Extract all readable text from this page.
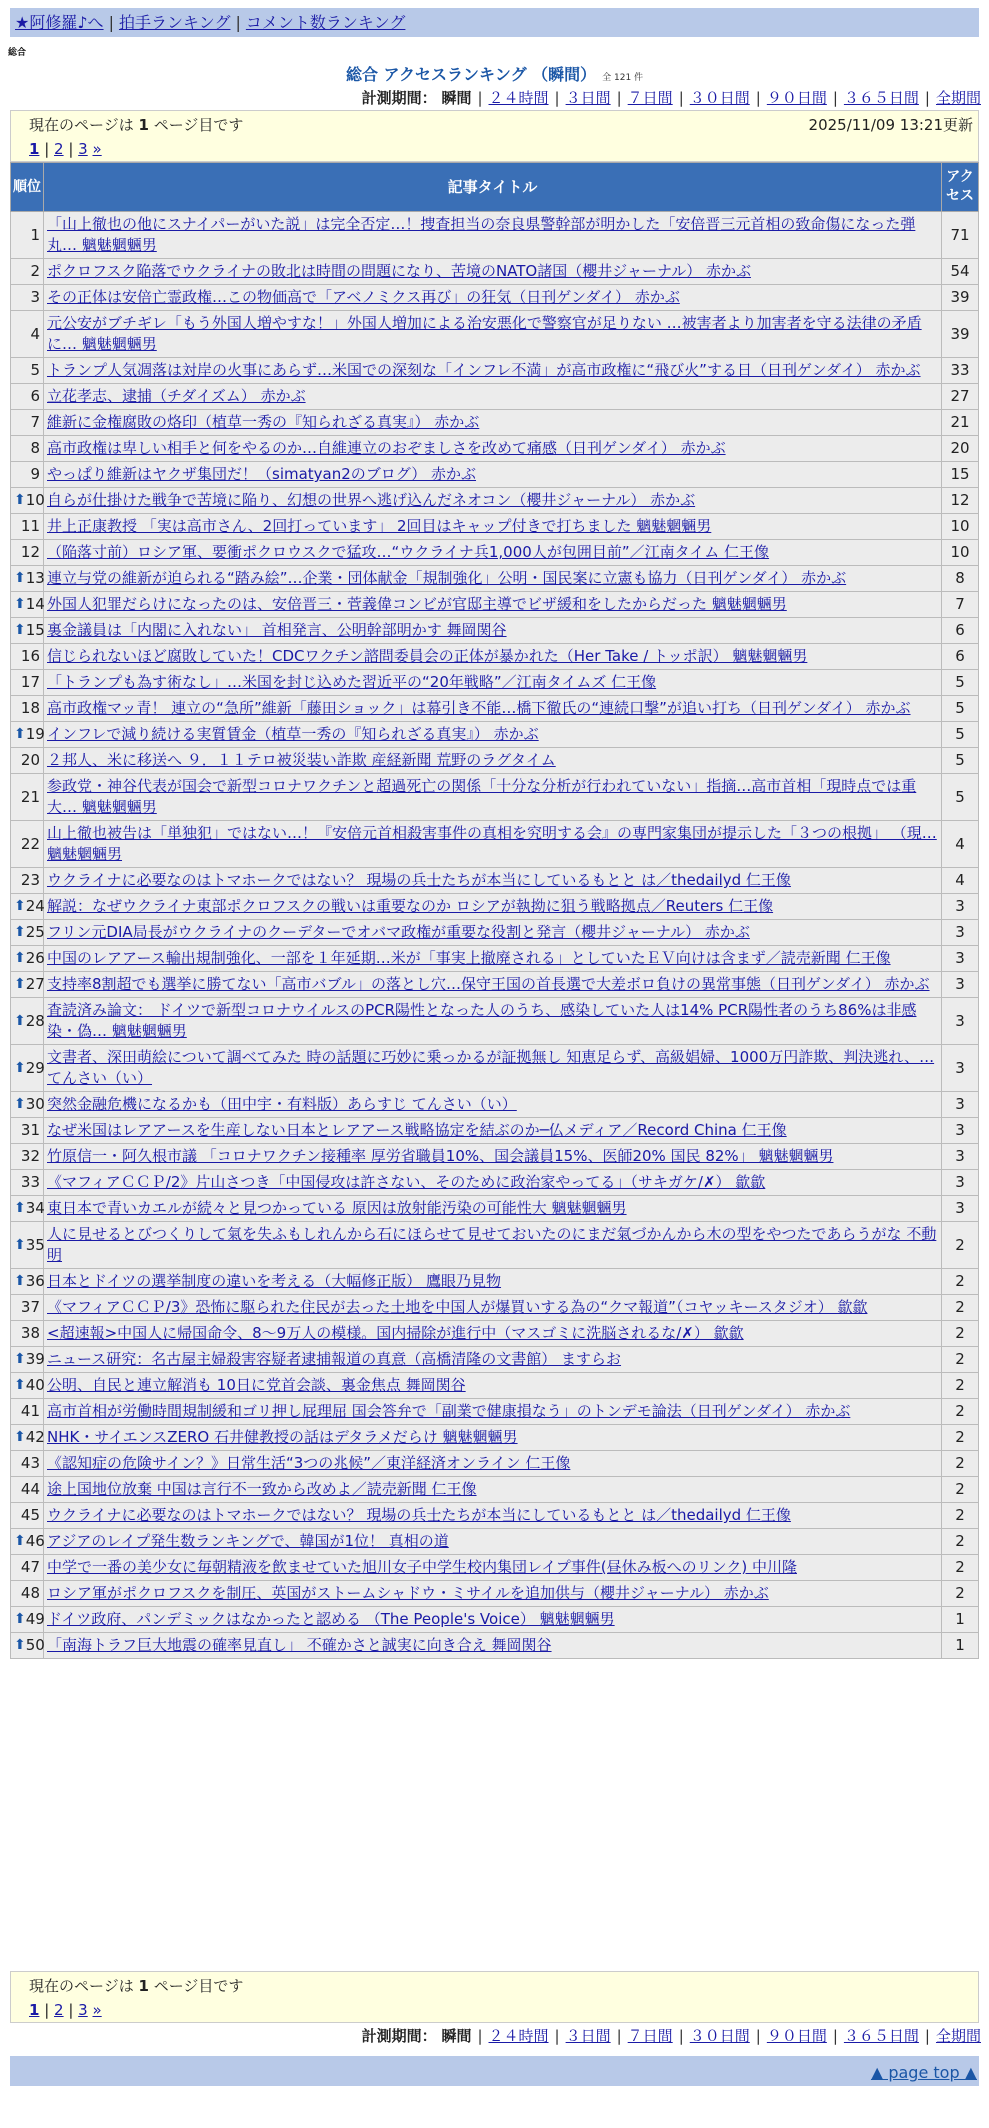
★阿修羅♪へ | 拍手ランキング | コメント数ランキング
総合
総合 アクセスランキング （瞬間） 全 121 件
計測期間： 瞬間 | ２４時間 | ３日間 | ７日間 | ３０日間 | ９０日間 | ３６５日間 | 全期間
現在のページは 1 ページ目です	2025/11/09 13:21更新
1 | 2 | 3 »
順位	記事タイトル	アクセス
1	「山上徹也の他にスナイパーがいた説」は完全否定…！捜査担当の奈良県警幹部が明かした「安倍晋三元首相の致命傷になった弾丸… 魑魅魍魎男	71
2	ポクロフスク陥落でウクライナの敗北は時間の問題になり、苦境のNATO諸国（櫻井ジャーナル） 赤かぶ	54
3	その正体は安倍亡霊政権…この物価高で「アベノミクス再び」の狂気（日刊ゲンダイ） 赤かぶ	39
4	元公安がブチギレ「もう外国人増やすな！」外国人増加による治安悪化で警察官が足りない …被害者より加害者を守る法律の矛盾に… 魑魅魍魎男	39
5	トランプ人気凋落は対岸の火事にあらず…米国での深刻な「インフレ不満」が高市政権に“飛び火”する日（日刊ゲンダイ） 赤かぶ	33
6	立花孝志、逮捕（チダイズム） 赤かぶ	27
7	維新に金権腐敗の烙印（植草一秀の『知られざる真実』） 赤かぶ	21
8	高市政権は卑しい相手と何をやるのか…自維連立のおぞましさを改めて痛感（日刊ゲンダイ） 赤かぶ	20
9	やっぱり維新はヤクザ集団だ！（simatyan2のブログ） 赤かぶ	15

⬆ 10	自らが仕掛けた戦争で苦境に陥り、幻想の世界へ逃げ込んだネオコン（櫻井ジャーナル） 赤かぶ	12
11	井上正康教授 「実は高市さん、2回打っています」 2回目はキャップ付きで打ちました 魑魅魍魎男	10
12	（陥落寸前）ロシア軍、要衝ポクロウスクで猛攻…“ウクライナ兵1,000人が包囲目前”／江南タイム 仁王像	10

⬆ 13	連立与党の維新が迫られる“踏み絵”…企業・団体献金「規制強化」公明・国民案に立憲も協力（日刊ゲンダイ） 赤かぶ	8

⬆ 14	外国人犯罪だらけになったのは、安倍晋三・菅義偉コンビが官邸主導でビザ緩和をしたからだった 魑魅魍魎男	7

⬆ 15	裏金議員は「内閣に入れない」 首相発言、公明幹部明かす 舞岡関谷	6
16	信じられないほど腐敗していた！CDCワクチン諮問委員会の正体が暴かれた（Her Take / トッポ訳） 魑魅魍魎男	6
17	「トランプも為す術なし」…米国を封じ込めた習近平の“20年戦略”／江南タイムズ 仁王像	5
18	高市政権マッ青！ 連立の“急所”維新「藤田ショック」は幕引き不能…橋下徹氏の“連続口撃”が追い打ち（日刊ゲンダイ） 赤かぶ	5

⬆ 19	インフレで減り続ける実質賃金（植草一秀の『知られざる真実』） 赤かぶ	5
20	２邦人、米に移送へ ９．１１テロ被災装い詐欺 産経新聞 荒野のラグタイム	5
21	参政党・神谷代表が国会で新型コロナワクチンと超過死亡の関係「十分な分析が行われていない」指摘…高市首相「現時点では重大… 魑魅魍魎男	5
22	山上徹也被告は「単独犯」ではない…！『安倍元首相殺害事件の真相を究明する会』の専門家集団が提示した「３つの根拠」 （現… 魑魅魍魎男	4
23	ウクライナに必要なのはトマホークではない？ 現場の兵士たちが本当にしているもとと は／thedailyd 仁王像	4

⬆ 24	解説：なぜウクライナ東部ポクロフスクの戦いは重要なのか ロシアが執拗に狙う戦略拠点／Reuters 仁王像	3

⬆ 25	フリン元DIA局長がウクライナのクーデターでオバマ政権が重要な役割と発言（櫻井ジャーナル） 赤かぶ	3

⬆ 26	中国のレアアース輸出規制強化、一部を１年延期…米が「事実上撤廃される」としていたＥＶ向けは含まず／読売新聞 仁王像	3

⬆ 27	支持率8割超でも選挙に勝てない「高市バブル」の落とし穴…保守王国の首長選で大差ボロ負けの異常事態（日刊ゲンダイ） 赤かぶ	3

⬆ 28	査読済み論文： ドイツで新型コロナウイルスのPCR陽性となった人のうち、感染していた人は14% PCR陽性者のうち86%は非感染・偽… 魑魅魍魎男	3

⬆ 29	文書者、深田萌絵について調べてみた 時の話題に巧妙に乗っかるが証拠無し 知恵足らず、高級娼婦、1000万円詐欺、判決逃れ、… てんさい（い）	3

⬆ 30	突然金融危機になるかも（田中宇・有料版）あらすじ てんさい（い）	3
31	なぜ米国はレアアースを生産しない日本とレアアース戦略協定を結ぶのか─仏メディア／Record China 仁王像	3
32	竹原信一・阿久根市議 「コロナワクチン接種率 厚労省職員10%、国会議員15%、医師20% 国民 82%」 魑魅魍魎男	3
33	《マフィアＣＣＰ/2》片山さつき「中国侵攻は許さない、そのために政治家やってる」（サキガケ/✗） 歙歙	3

⬆ 34	東日本で青いカエルが続々と見つかっている 原因は放射能汚染の可能性大 魑魅魍魎男	3

⬆ 35	人に見せるとびつくりして氣を失ふもしれんから石にほらせて見せておいたのにまだ氣づかんから木の型をやつたであらうがな 不動明	2

⬆ 36	日本とドイツの選挙制度の違いを考える（大幅修正版） 鷹眼乃見物	2
37	《マフィアＣＣＰ/3》恐怖に駆られた住民が去った土地を中国人が爆買いする為の“クマ報道”（コヤッキースタジオ） 歙歙	2
38	<超速報>中国人に帰国命令、8〜9万人の模様。国内掃除が進行中（マスゴミに洗脳されるな/✗） 歙歙	2

⬆ 39	ニュース研究：名古屋主婦殺害容疑者逮捕報道の真意（高橋清隆の文書館） ますらお	2

⬆ 40	公明、自民と連立解消も 10日に党首会談、裏金焦点 舞岡関谷	2
41	高市首相が労働時間規制緩和ゴリ押し屁理屈 国会答弁で「副業で健康損なう」のトンデモ論法（日刊ゲンダイ） 赤かぶ	2

⬆ 42	NHK・サイエンスZERO 石井健教授の話はデタラメだらけ 魑魅魍魎男	2
43	《認知症の危険サイン？》日常生活“3つの兆候”／東洋経済オンライン 仁王像	2
44	途上国地位放棄 中国は言行不一致から改めよ／読売新聞 仁王像	2
45	ウクライナに必要なのはトマホークではない？ 現場の兵士たちが本当にしているもとと は／thedailyd 仁王像	2

⬆ 46	アジアのレイプ発生数ランキングで、韓国が1位！ 真相の道	2
47	中学で一番の美少女に毎朝精液を飲ませていた旭川女子中学生校内集団レイプ事件(昼休み板へのリンク) 中川隆	2
48	ロシア軍がポクロフスクを制圧、英国がストームシャドウ・ミサイルを追加供与（櫻井ジャーナル） 赤かぶ	2

⬆ 49	ドイツ政府、パンデミックはなかったと認める （The People's Voice） 魑魅魍魎男	1

⬆ 50	「南海トラフ巨大地震の確率見直し」 不確かさと誠実に向き合え 舞岡関谷	1
現在のページは 1 ページ目です
1 | 2 | 3 »
計測期間： 瞬間 | ２４時間 | ３日間 | ７日間 | ３０日間 | ９０日間 | ３６５日間 | 全期間
▲ page top ▲
